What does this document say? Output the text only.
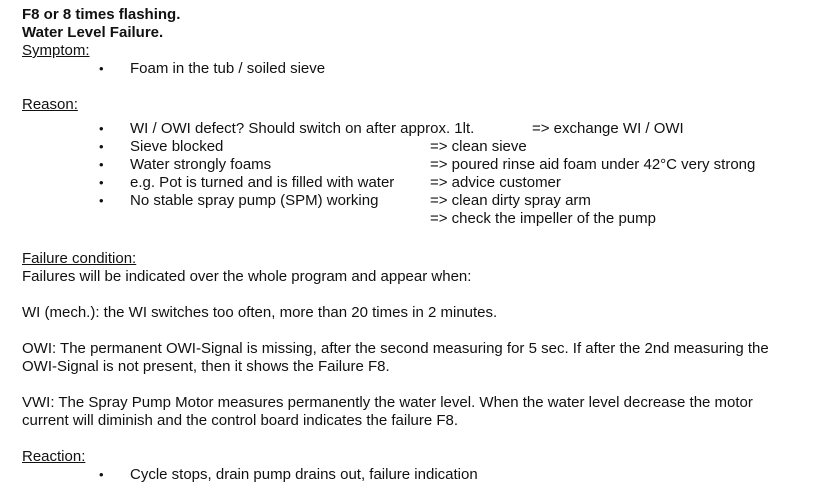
F8 or 8 times flashing.

Water Level Failure.

Symptom:

•	Foam in the tub / soiled sieve

Reason:

•	WI / OWI defect? Should switch on after approx. 1lt.	=> exchange WI / OWI
•	Sieve blocked	=> clean sieve
•	Water strongly foams	=> poured rinse aid foam under 42°C very strong
•	e.g. Pot is turned and is filled with water => advice customer
•	No stable spray pump (SPM) working	=> clean dirty spray arm
=> check the impeller of the pump

Failure condition:

Failures will be indicated over the whole program and appear when:

WI (mech.): the WI switches too often, more than 20 times in 2 minutes.

OWI: The permanent OWI-Signal is missing, after the second measuring for 5 sec. If after the 2nd measuring the OWI-Signal is not present, then it shows the Failure F8.

VWI: The Spray Pump Motor measures permanently the water level. When the water level decrease the motor current will diminish and the control board indicates the failure F8.

Reaction:

•	Cycle stops, drain pump drains out, failure indication
